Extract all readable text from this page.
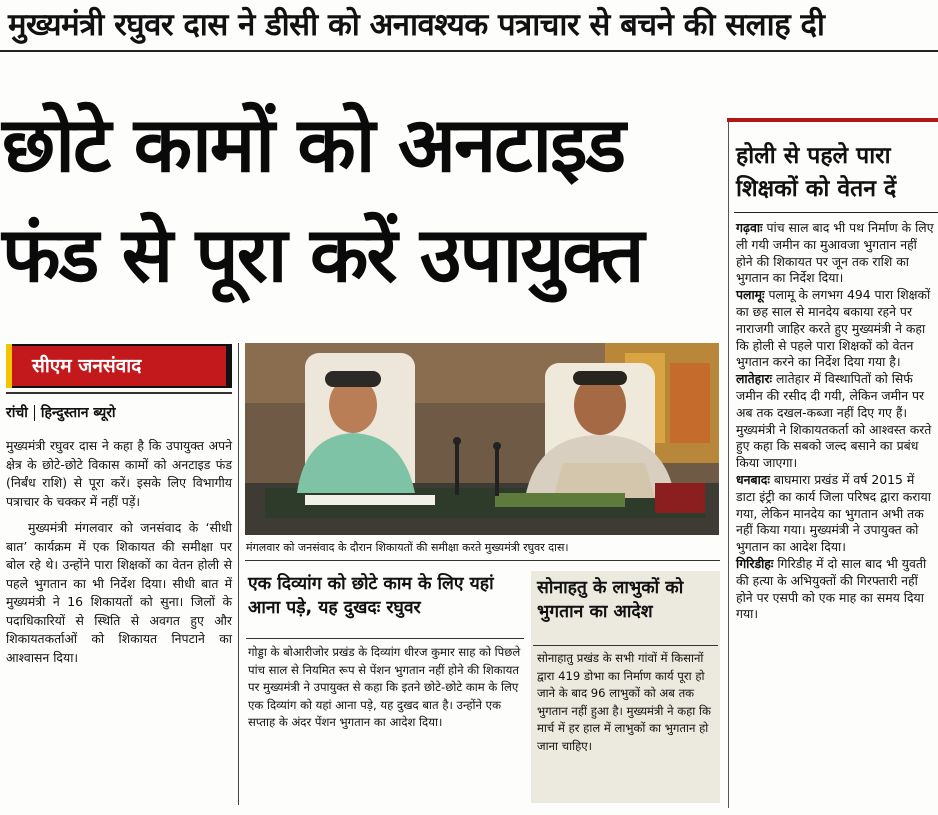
मुख्यमंत्री रघुवर दास ने डीसी को अनावश्यक पत्राचार से बचने की सलाह दी
छोटे कामों को अनटाइड
फंड से पूरा करें उपायुक्त
होली से पहले पारा शिक्षकों को वेतन दें

गढ़वाः पांच साल बाद भी पथ निर्माण के लिए ली गयी जमीन का मुआवजा भुगतान नहीं होने की शिकायत पर जून तक राशि का भुगतान का निर्देश दिया।

पलामूः पलामू के लगभग 494 पारा शिक्षकों का छह साल से मानदेय बकाया रहने पर नाराजगी जाहिर करते हुए मुख्यमंत्री ने कहा कि होली से पहले पारा शिक्षकों को वेतन भुगतान करने का निर्देश दिया गया है।

लातेहारः लातेहार में विस्थापितों को सिर्फ जमीन की रसीद दी गयी, लेकिन जमीन पर अब तक दखल-कब्जा नहीं दिए गए हैं। मुख्यमंत्री ने शिकायतकर्ता को आश्वस्त करते हुए कहा कि सबको जल्द बसाने का प्रबंध किया जाएगा।

धनबादः बाघमारा प्रखंड में वर्ष 2015 में डाटा इंट्री का कार्य जिला परिषद द्वारा कराया गया, लेकिन मानदेय का भुगतान अभी तक नहीं किया गया। मुख्यमंत्री ने उपायुक्त को भुगतान का आदेश दिया।

गिरिडीहः गिरिडीह में दो साल बाद भी युवती की हत्या के अभियुक्तों की गिरफ्तारी नहीं होने पर एसपी को एक माह का समय दिया गया।

सीएम जनसंवाद
रांची हिन्दुस्तान ब्यूरो

मुख्यमंत्री रघुवर दास ने कहा है कि उपायुक्त अपने क्षेत्र के छोटे-छोटे विकास कामों को अनटाइड फंड (निर्बंध राशि) से पूरा करें। इसके लिए विभागीय पत्राचार के चक्कर में नहीं पड़ें।

मुख्यमंत्री मंगलवार को जनसंवाद के ‘सीधी बात’ कार्यक्रम में एक शिकायत की समीक्षा पर बोल रहे थे। उन्होंने पारा शिक्षकों का वेतन होली से पहले भुगतान का भी निर्देश दिया। सीधी बात में मुख्यमंत्री ने 16 शिकायतों को सुना। जिलों के पदाधिकारियों से स्थिति से अवगत हुए और शिकायतकर्ताओं को शिकायत निपटाने का आश्वासन दिया।

मंगलवार को जनसंवाद के दौरान शिकायतों की समीक्षा करते मुख्यमंत्री रघुवर दास।
एक दिव्यांग को छोटे काम के लिए यहां आना पड़े, यह दुखदः रघुवर
गोड्डा के बोआरीजोर प्रखंड के दिव्यांग धीरज कुमार साह को पिछले पांच साल से नियमित रूप से पेंशन भुगतान नहीं होने की शिकायत पर मुख्यमंत्री ने उपायुक्त से कहा कि इतने छोटे-छोटे काम के लिए एक दिव्यांग को यहां आना पड़े, यह दुखद बात है। उन्होंने एक सप्ताह के अंदर पेंशन भुगतान का आदेश दिया।
सोनाहतु के लाभुकों को भुगतान का आदेश
सोनाहातु प्रखंड के सभी गांवों में किसानों द्वारा 419 डोभा का निर्माण कार्य पूरा हो जाने के बाद 96 लाभुकों को अब तक भुगतान नहीं हुआ है। मुख्यमंत्री ने कहा कि मार्च में हर हाल में लाभुकों का भुगतान हो जाना चाहिए।
